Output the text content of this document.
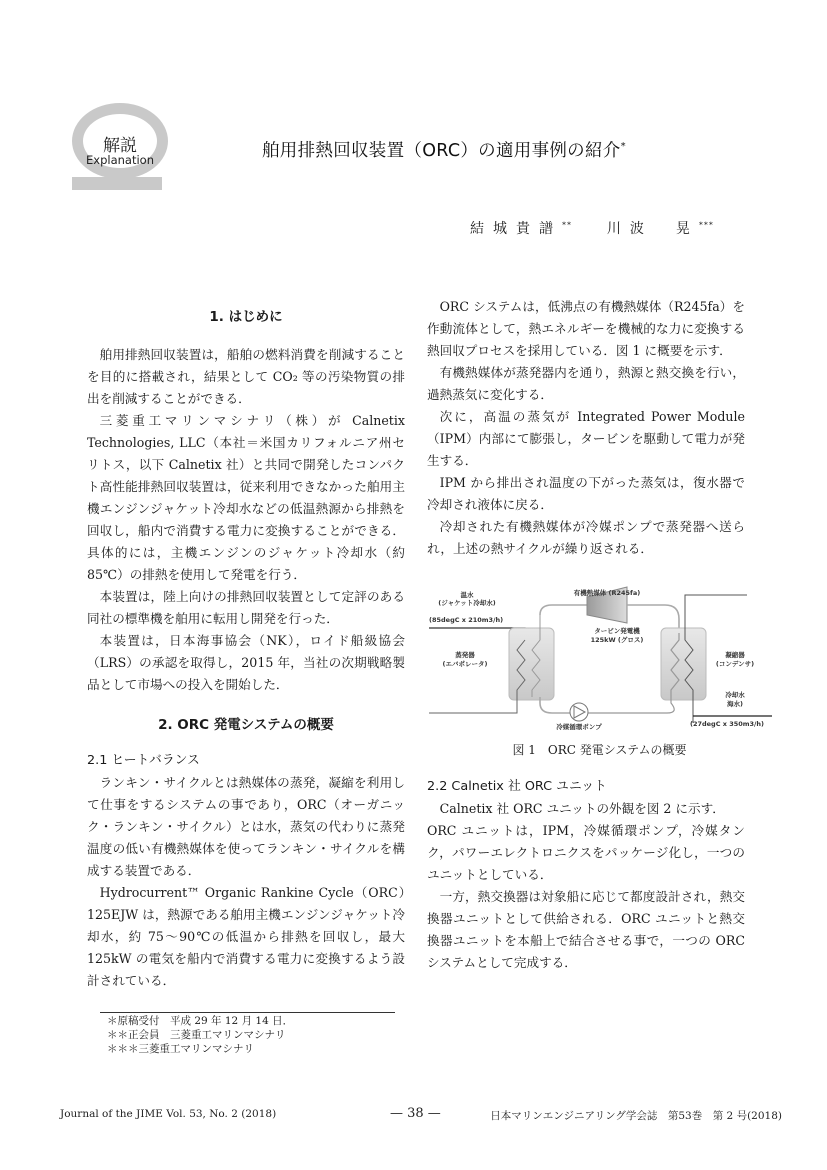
解説
Explanation	舶用排熱回収装置（ORC）の適用事例の紹介*
結城貴譜** 川波　晃***
1. はじめに

舶用排熱回収装置は，船舶の燃料消費を削減することを目的に搭載され，結果として CO₂ 等の汚染物質の排出を削減することができる．

三菱重工マリンマシナリ（株）が Calnetix Technologies, LLC（本社＝米国カリフォルニア州セリトス，以下 Calnetix 社）と共同で開発したコンパクト高性能排熱回収装置は，従来利用できなかった舶用主機エンジンジャケット冷却水などの低温熱源から排熱を回収し，船内で消費する電力に変換することができる．具体的には，主機エンジンのジャケット冷却水（約 85℃）の排熱を使用して発電を行う．

本装置は，陸上向けの排熱回収装置として定評のある同社の標準機を舶用に転用し開発を行った．

本装置は，日本海事協会（NK），ロイド船級協会（LRS）の承認を取得し，2015 年，当社の次期戦略製品として市場への投入を開始した．

2. ORC 発電システムの概要
2.1 ヒートバランス

ランキン・サイクルとは熱媒体の蒸発，凝縮を利用して仕事をするシステムの事であり，ORC（オーガニック・ランキン・サイクル）とは水，蒸気の代わりに蒸発温度の低い有機熱媒体を使ってランキン・サイクルを構成する装置である．

Hydrocurrent™ Organic Rankine Cycle（ORC）125EJW は，熱源である舶用主機エンジンジャケット冷却水，約 75～90℃の低温から排熱を回収し，最大 125kW の電気を船内で消費する電力に変換するよう設計されている．

ORC システムは，低沸点の有機熱媒体（R245fa）を作動流体として，熱エネルギーを機械的な力に変換する熱回収プロセスを採用している．図 1 に概要を示す．

有機熱媒体が蒸発器内を通り，熱源と熱交換を行い，過熱蒸気に変化する．

次に，高温の蒸気が Integrated Power Module（IPM）内部にて膨張し，タービンを駆動して電力が発生する．

IPM から排出され温度の下がった蒸気は，復水器で冷却され液体に戻る．

冷却された有機熱媒体が冷媒ポンプで蒸発器へ送られ，上述の熱サイクルが繰り返される．

温水
(ジャケット冷却水)
(85degC x 210m3/h)
有機熱媒体 (R245fa)
タービン発電機
125kW (グロス)
蒸発器
(エバポレータ)
凝縮器
(コンデンサ)
冷却水
海水)
(27degC x 350m3/h)
冷媒循環ポンプ
図 1　ORC 発電システムの概要
2.2 Calnetix 社 ORC ユニット

Calnetix 社 ORC ユニットの外観を図 2 に示す．

ORC ユニットは，IPM，冷媒循環ポンプ，冷媒タンク，パワーエレクトロニクスをパッケージ化し，一つのユニットとしている．

一方，熱交換器は対象船に応じて都度設計され，熱交換器ユニットとして供給される．ORC ユニットと熱交換器ユニットを本船上で結合させる事で，一つの ORC システムとして完成する．

＊原稿受付　平成 29 年 12 月 14 日．
＊＊正会員　三菱重工マリンマシナリ
＊＊＊三菱重工マリンマシナリ
Journal of the JIME Vol. 53, No. 2 (2018)	— 38 —	日本マリンエンジニアリング学会誌　第53巻　第 2 号(2018)
